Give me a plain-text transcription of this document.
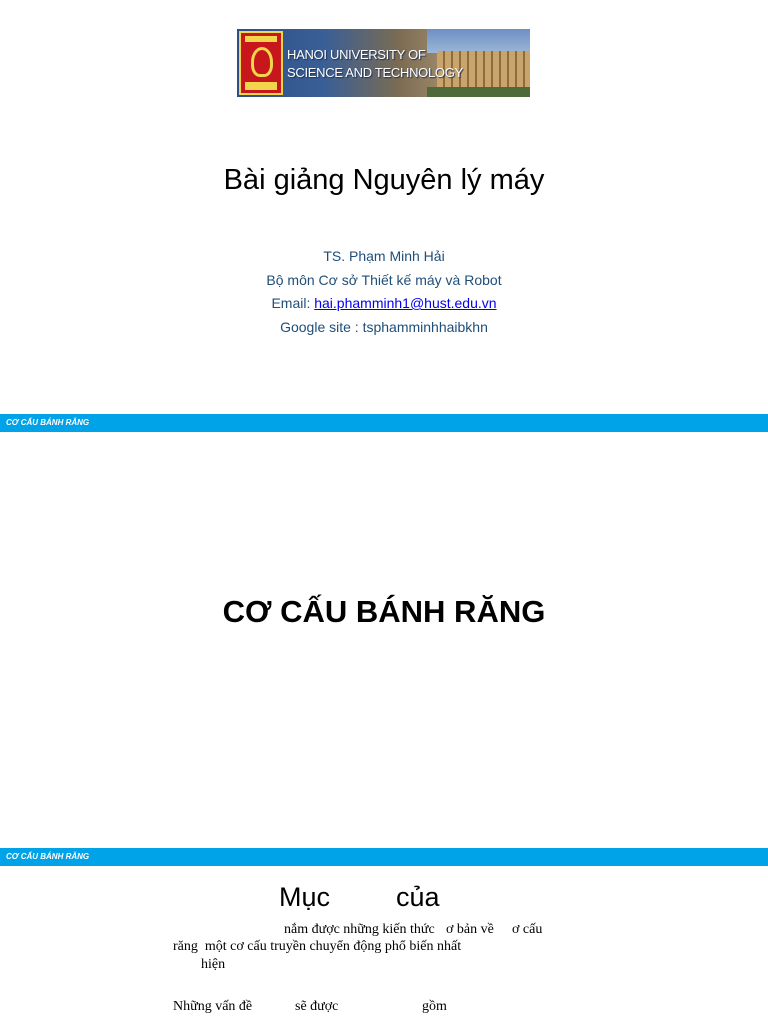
HANOI UNIVERSITY OF
SCIENCE AND TECHNOLOGY
Bài giảng Nguyên lý máy
TS. Phạm Minh Hải
Bộ môn Cơ sở Thiết kế máy và Robot
Email: hai.phamminh1@hust.edu.vn
Google site : tsphamminhhaibkhn
CƠ CẤU BÁNH RĂNG
CƠ CẤU BÁNH RĂNG
CƠ CẤU BÁNH RĂNG
Mục của
nắm được những kiến thức ơ bản về ơ cấu
răng  một cơ cấu truyền chuyển động phổ biến nhất
hiện
Những vấn đề	sẽ được	gồm
